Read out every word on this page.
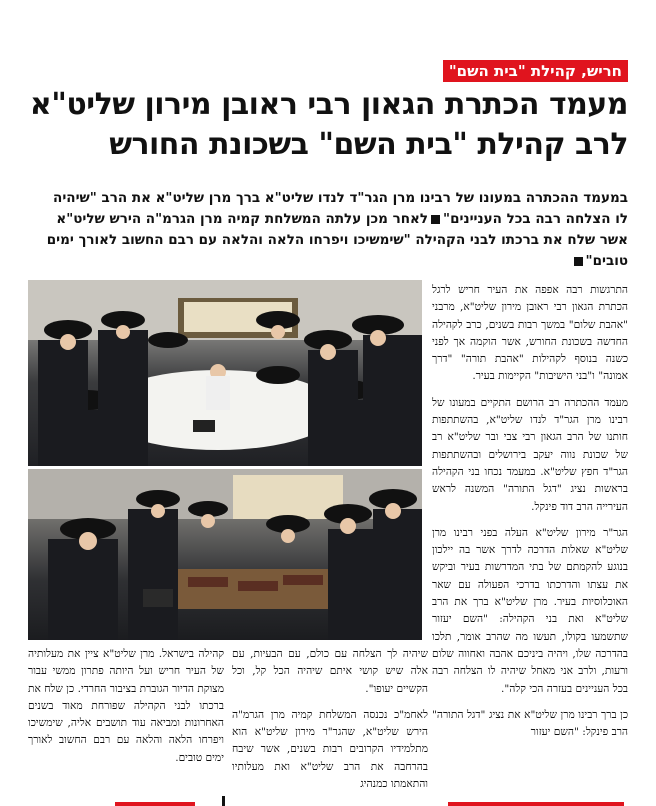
חריש, קהילת "בית השם"
מעמד הכתרת הגאון רבי ראובן מירון שליט"א
לרב קהילת "בית השם" בשכונת החורש
במעמד ההכתרה במעונו של רבינו מרן הגר"ד לנדו שליט"א ברך מרן שליט"א את הרב "שיהיה
לו הצלחה רבה בכל העניינים"לאחר מכן עלתה המשלחת קמיה מרן הגרמ"ה הירש שליט"א
אשר שלח את ברכתו לבני הקהילה "שימשיכו ויפרחו הלאה והלאה עם רבם החשוב לאורך ימים
טובים"

התרגשות רבה אפפה את העיר חריש לרגל הכתרת הגאון רבי ראובן מירון שליט"א, מרבני "אהבת שלום" במשך רבות בשנים, כרב לקהילה החדשה בשכונת החורש, אשר הוקמה אך לפני כשנה בנוסף לקהילות "אהבת תורה" "דרך אמונה" ו"בני הישיבות" הקיימות בעיר.

מעמד ההכתרה רב הרושם התקיים במעונו של רבינו מרן הגר"ד לנדו שליט"א, בהשתתפות חותנו של הרב הגאון רבי צבי ובר שליט"א רב של שכונת נווה יעקב בירושלים ובהשתתפות הגר"ד חפץ שליט"א. במעמד נכחו בני הקהילה בראשות נציג "דגל התורה" המשנה לראש העירייה הרב דוד פינקל.

הגר"ר מירון שליט"א העלה בפני רבינו מרן שליט"א שאלות הדרכה לדרך אשר בה יילכון בנוגע להקמתם של בתי המדרשות בעיר וביקש את עצתו והדרכתו בדרכי הפעולה עם שאר האוכלוסיות בעיר. מרן שליט"א ברך את הרב שליט"א ואת בני הקהילה: "השם יעזור שתשמעו בקולו, תעשו מה שהרב אומר, תלכו בהדרכה שלו, ויהיה ביניכם אהבה ואחווה שלום ורעות, ולרב אני מאחל שיהיה לו הצלחה רבה בכל העניינים בעזרה הכי קלה".

כן ברך רבינו מרן שליט"א את נציג "דגל התורה" הרב פינקל: "השם יעזור

שיהיה לך הצלחה עם כולם, עם הבעיות, עם אלה שיש קושי איתם שיהיה הכל קל, וכל הקשיים יעופו".

לאחמ"כ נכנסה המשלחת קמיה מרן הגרמ"ה הירש שליט"א, שהגר"ר מירון שליט"א הוא מתלמידיו הקרובים רבות בשנים, אשר שיבח בהרחבה את הרב שליט"א ואת מעלותיו והתאמתו כמנהיג

קהילה בישראל. מרן שליט"א ציין את מעלותיה של העיר חריש ועל היותה פתרון ממשי עבור מצוקת הדיור הגוברת בציבור החרדי. כן שלח את ברכתו לבני הקהילה שפורחת מאוד בשנים האחרונות ומביאה עוד תושבים אליה, שימשיכו ויפרחו הלאה והלאה עם רבם החשוב לאורך ימים טובים.
